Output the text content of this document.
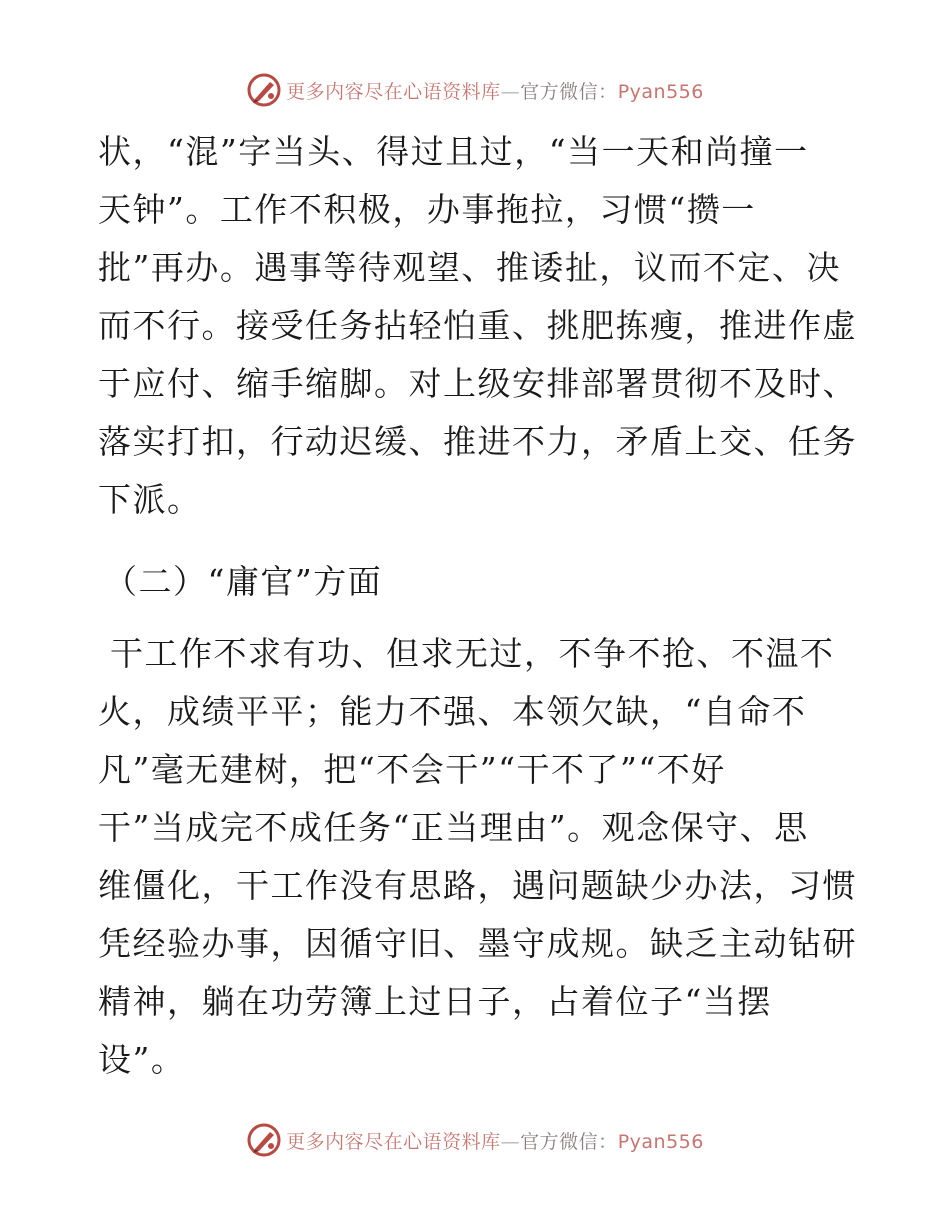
更多内容尽在心语资料库—官方微信：Pyan556
状，“混”字当头、得过且过，“当一天和尚撞一
天钟”。工作不积极，办事拖拉，习惯“攒一
批”再办。遇事等待观望、推诿扯，议而不定、决
而不行。接受任务拈轻怕重、挑肥拣瘦，推进作虚
于应付、缩手缩脚。对上级安排部署贯彻不及时、
落实打扣，行动迟缓、推进不力，矛盾上交、任务
下派。
（二）“庸官”方面
干工作不求有功、但求无过，不争不抢、不温不
火，成绩平平；能力不强、本领欠缺，“自命不
凡”毫无建树，把“不会干”“干不了”“不好
干”当成完不成任务“正当理由”。观念保守、思
维僵化，干工作没有思路，遇问题缺少办法，习惯
凭经验办事，因循守旧、墨守成规。缺乏主动钻研
精神，躺在功劳簿上过日子，占着位子“当摆
设”。
更多内容尽在心语资料库—官方微信：Pyan556
